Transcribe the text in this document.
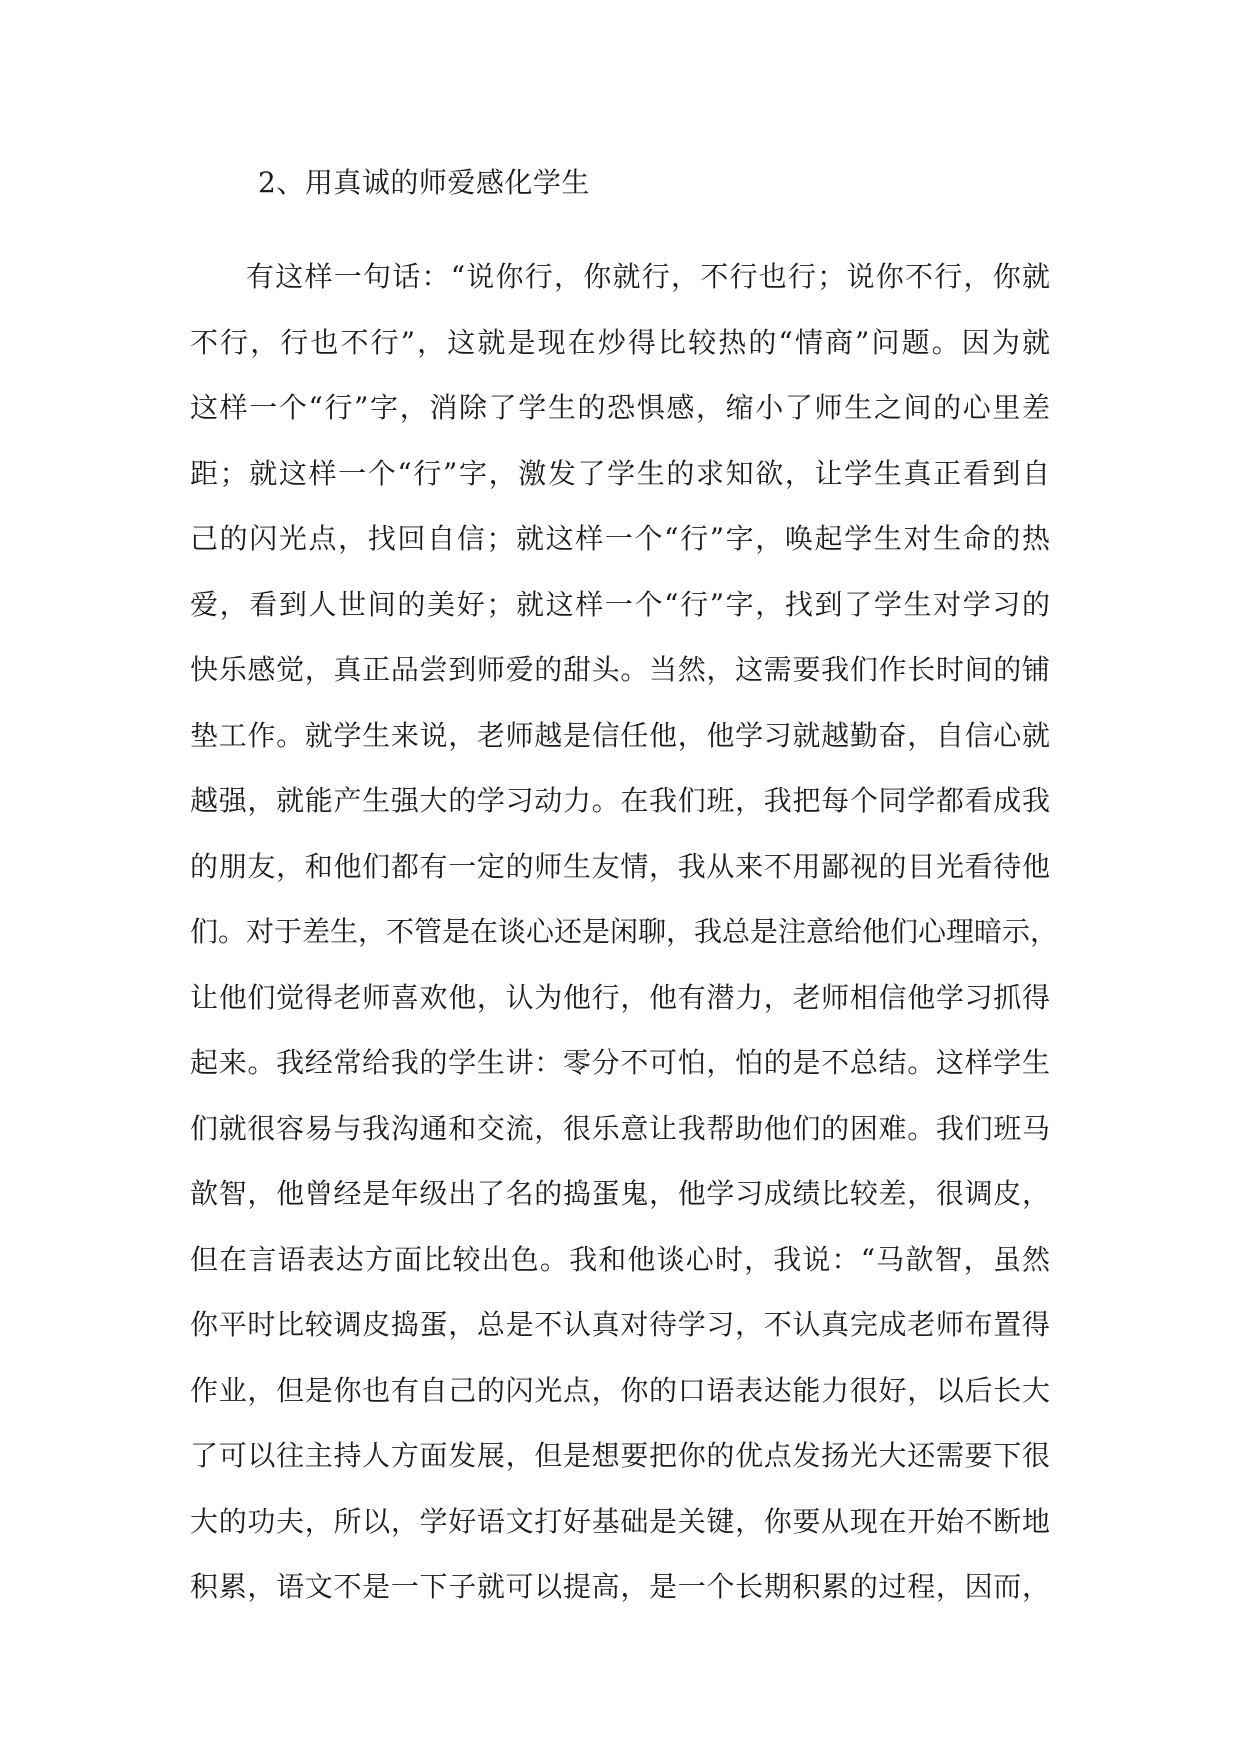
2、用真诚的师爱感化学生
有这样一句话：“说你行，你就行，不行也行；说你不行，你就
不行，行也不行”，这就是现在炒得比较热的“情商”问题。因为就
这样一个“行”字，消除了学生的恐惧感，缩小了师生之间的心里差
距；就这样一个“行”字，激发了学生的求知欲，让学生真正看到自
己的闪光点，找回自信；就这样一个“行”字，唤起学生对生命的热
爱，看到人世间的美好；就这样一个“行”字，找到了学生对学习的
快乐感觉，真正品尝到师爱的甜头。当然，这需要我们作长时间的铺
垫工作。就学生来说，老师越是信任他，他学习就越勤奋，自信心就
越强，就能产生强大的学习动力。在我们班，我把每个同学都看成我
的朋友，和他们都有一定的师生友情，我从来不用鄙视的目光看待他
们。对于差生，不管是在谈心还是闲聊，我总是注意给他们心理暗示，
让他们觉得老师喜欢他，认为他行，他有潜力，老师相信他学习抓得
起来。我经常给我的学生讲：零分不可怕，怕的是不总结。这样学生
们就很容易与我沟通和交流，很乐意让我帮助他们的困难。我们班马
歆智，他曾经是年级出了名的捣蛋鬼，他学习成绩比较差，很调皮，
但在言语表达方面比较出色。我和他谈心时，我说：“马歆智，虽然
你平时比较调皮捣蛋，总是不认真对待学习，不认真完成老师布置得
作业，但是你也有自己的闪光点，你的口语表达能力很好，以后长大
了可以往主持人方面发展，但是想要把你的优点发扬光大还需要下很
大的功夫，所以，学好语文打好基础是关键，你要从现在开始不断地
积累，语文不是一下子就可以提高，是一个长期积累的过程，因而，
